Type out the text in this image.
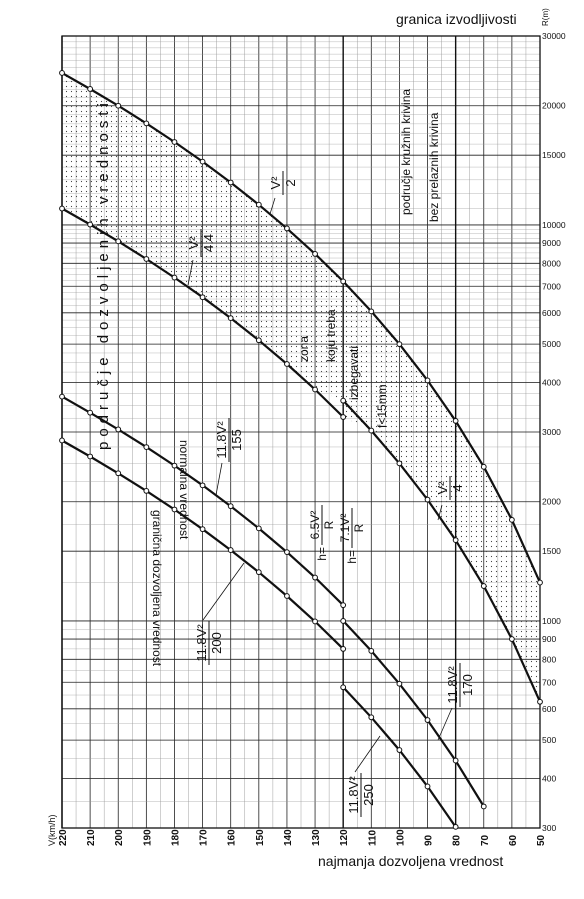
220 210 200 190 180 170 160 150 140 130 120 110 100 90 80 70 60 50
300
400
500
600
700
800
900
1000
1500
2000
3000
4000
5000
6000
7000
8000
9000
10000
15000
20000
30000
granica izvodljivosti	R(m)
najmanja dozvoljena vrednost
V(km/h)
područje dozvoljenih vrednosti	zona koju treba
izbegavati
f<15mm
područje kružnih krivina bez prelaznih krivina
normalna vrednost
granična dozvoljena vrednost
V² 2
V² 4.4
V² 4
11.8V² 155
11.8V² 200
11.8V² 170
11.8V² 250
h=
6.5V² R
h=
7.1V² R
